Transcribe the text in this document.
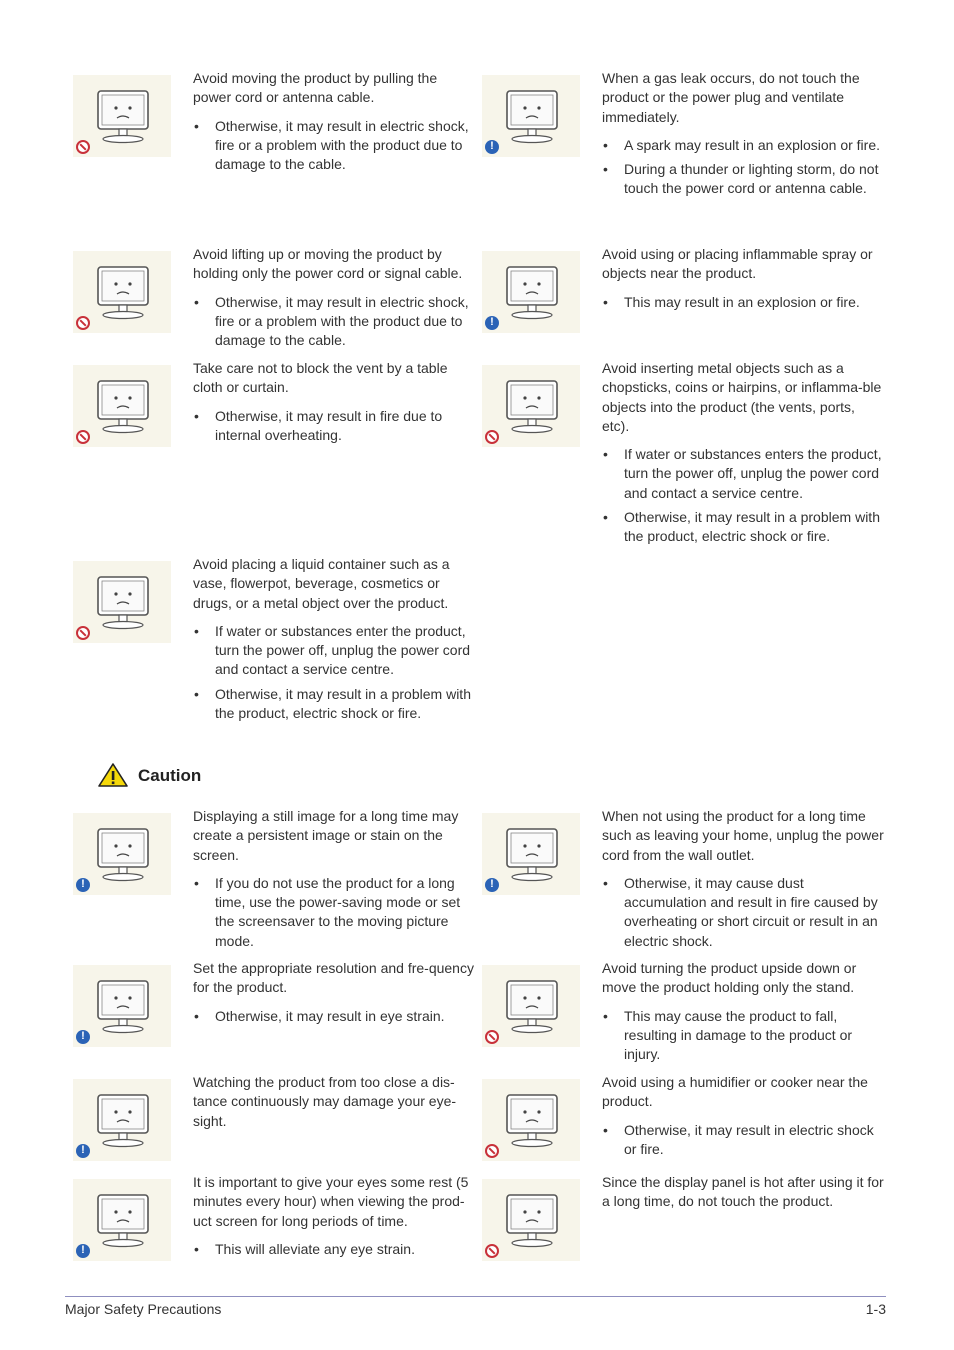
Avoid moving the product by pulling the power cord or antenna cable.

• Otherwise, it may result in electric shock, fire or a problem with the product due to damage to the cable.
!

When a gas leak occurs, do not touch the product or the power plug and ventilate immediately.

• A spark may result in an explosion or fire.
• During a thunder or lighting storm, do not touch the power cord or antenna cable.

Avoid lifting up or moving the product by holding only the power cord or signal cable.

• Otherwise, it may result in electric shock, fire or a problem with the product due to damage to the cable.
!

Avoid using or placing inflammable spray or objects near the product.

• This may result in an explosion or fire.

Take care not to block the vent by a table cloth or curtain.

• Otherwise, it may result in fire due to internal overheating.

Avoid inserting metal objects such as a chopsticks, coins or hairpins, or inflamma-ble objects into the product (the vents, ports, etc).

• If water or substances enters the product, turn the power off, unplug the power cord and contact a service centre.
• Otherwise, it may result in a problem with the product, electric shock or fire.

Avoid placing a liquid container such as a vase, flowerpot, beverage, cosmetics or drugs, or a metal object over the product.

• If water or substances enter the product, turn the power off, unplug the power cord and contact a service centre.
• Otherwise, it may result in a problem with the product, electric shock or fire.
Caution
!

Displaying a still image for a long time may create a persistent image or stain on the screen.

• If you do not use the product for a long time, use the power-saving mode or set the screensaver to the moving picture mode.
!

When not using the product for a long time such as leaving your home, unplug the power cord from the wall outlet.

• Otherwise, it may cause dust accumulation and result in fire caused by overheating or short circuit or result in an electric shock.
!

Set the appropriate resolution and fre-quency for the product.

• Otherwise, it may result in eye strain.

Avoid turning the product upside down or move the product holding only the stand.

• This may cause the product to fall, resulting in damage to the product or injury.
!

Watching the product from too close a dis-tance continuously may damage your eye-sight.

Avoid using a humidifier or cooker near the product.

• Otherwise, it may result in electric shock or fire.
!

It is important to give your eyes some rest (5 minutes every hour) when viewing the prod-uct screen for long periods of time.

• This will alleviate any eye strain.

Since the display panel is hot after using it for a long time, do not touch the product.

Major Safety Precautions	1-3
